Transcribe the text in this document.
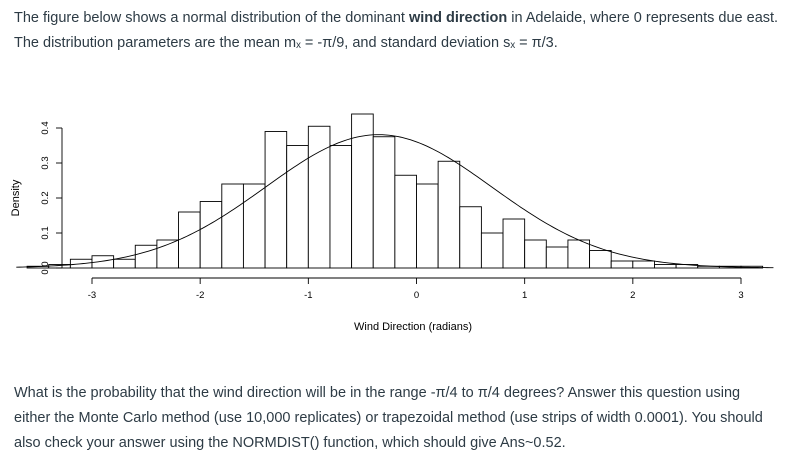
The figure below shows a normal distribution of the dominant wind direction in Adelaide, where 0 represents due east.
The distribution parameters are the mean mₓ = -π/9, and standard deviation sₓ = π/3.
-3	-2	-1	0	1	2	3
0.0
0.1
0.2
0.3
0.4
Wind Direction (radians)
Density
What is the probability that the wind direction will be in the range -π/4 to π/4 degrees? Answer this question using
either the Monte Carlo method (use 10,000 replicates) or trapezoidal method (use strips of width 0.0001). You should
also check your answer using the NORMDIST() function, which should give Ans~0.52.
